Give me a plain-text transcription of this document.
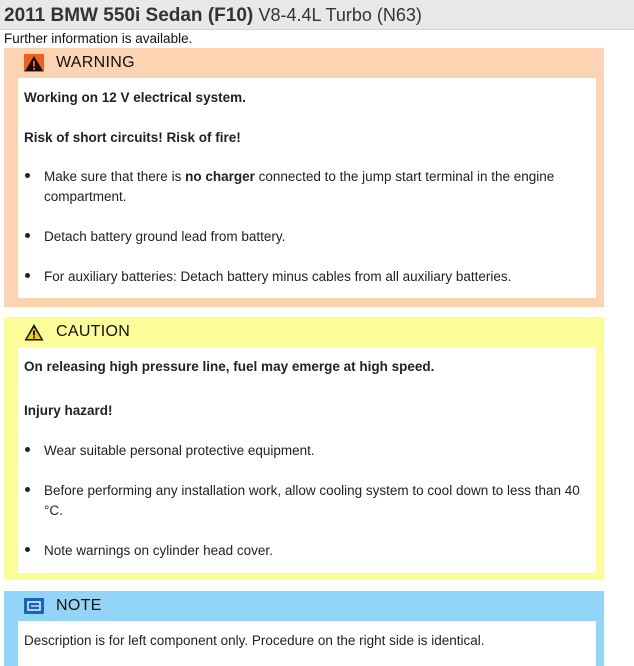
2011 BMW 550i Sedan (F10) V8-4.4L Turbo (N63)
Further information is available.
WARNING
Working on 12 V electrical system.
Risk of short circuits! Risk of fire!
Make sure that there is no charger connected to the jump start terminal in the engine compartment.
Detach battery ground lead from battery.
For auxiliary batteries: Detach battery minus cables from all auxiliary batteries.
CAUTION
On releasing high pressure line, fuel may emerge at high speed.
Injury hazard!
Wear suitable personal protective equipment.
Before performing any installation work, allow cooling system to cool down to less than 40 °C.
Note warnings on cylinder head cover.
NOTE
Description is for left component only. Procedure on the right side is identical.
